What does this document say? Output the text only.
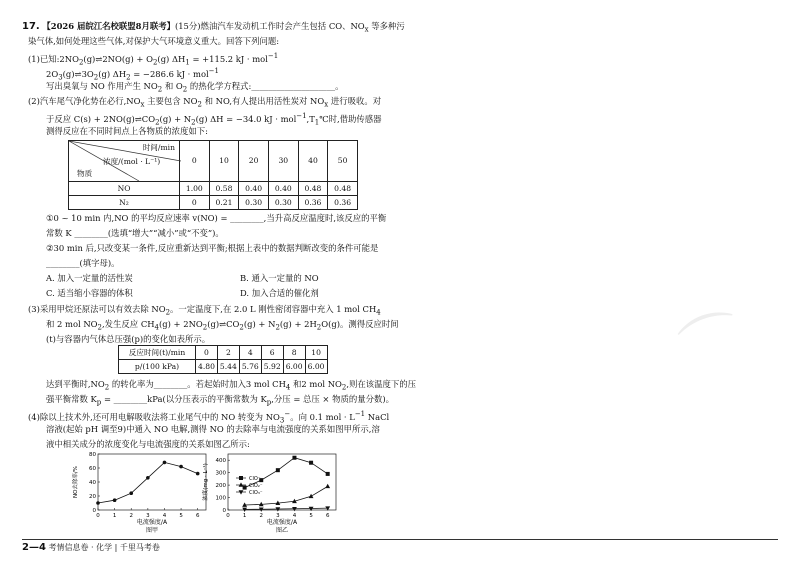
⌒
17. 【2026 届皖江名校联盟8月联考】(15分)燃油汽车发动机工作时会产生包括 CO、$NO_x$ 等多种污
染气体,如何处理这些气体,对保护大气环境意义重大。回答下列问题:
(1)已知$:2NO_2(g)\rightleftharpoons 2NO(g) + O_2(g) \Delta H_1 = +115.2$ kJ · mol$^{-1}$
$2O_3(g)\rightleftharpoons 3O_2(g) \Delta H_2 = -286.6$ kJ · mol$^{-1}$
写出臭氧与 NO 作用产生 $NO_2$ 和 $O_2$ 的热化学方程式:____________________。
(2)汽车尾气净化势在必行$,NO_x$ 主要包含 $NO_2$ 和 NO,有人提出用活性炭对 $NO_x$ 进行吸收。对
于反应 $C(s) + 2NO(g)\rightleftharpoons CO_2(g) + N_2(g) \Delta H = -34.0$ kJ · $mol^{-1},T_1℃$时,借助传感器
测得反应在不同时间点上各物质的浓度如下:
时间/min
浓度/(mol · L⁻¹)
物质	0	10	20	30	40	50

NO	1.00	0.58	0.40	0.40	0.48	0.48
N₂	0	0.21	0.30	0.30	0.36	0.36
①0 ~ 10 min 内,NO 的平均反应速率 v(NO) = ________,当升高反应温度时,该反应的平衡
常数 K ________(选填“增大”“减小”或“不变”)。
②30 min 后,只改变某一条件,反应重新达到平衡;根据上表中的数据判断改变的条件可能是
________(填字母)。
A. 加入一定量的活性炭	B. 通入一定量的 NO
C. 适当缩小容器的体积	D. 加入合适的催化剂
(3)采用甲烷还原法可以有效去除 $NO_2$。一定温度下,在 2.0 L 刚性密闭容器中充入 1 mol $CH_4$
和 2 mol $NO_2$,发生反应 $CH_4(g)$ + $2NO_2(g)\rightleftharpoons CO_2(g) + N_2(g) + 2H_2O(g)$。测得反应时间
(t)与容器内气体总压强(p)的变化如表所示。
反应时间(t)/min	0	2	4	6	8	10
p/(100 kPa)	4.80	5.44	5.76	5.92	6.00	6.00
达到平衡时$,NO_2$ 的转化率为________。若起始时加入3 mol $CH_4$ 和2 mol $NO_2$,则在该温度下的压
强平衡常数 $K_p$ = ________kPa(以分压表示的平衡常数为 $K_p$,分压 = 总压 × 物质的量分数)。
(4)除以上技术外,还可用电解吸收法将工业尾气中的 NO 转变为 $NO_3^-$。向 0.1 mol · $L^{-1}$ NaCl
溶液(起始 pH 调至9)中通入 NO 电解,测得 NO 的去除率与电流强度的关系如图甲所示,溶
液中相关成分的浓度变化与电流强度的关系如图乙所示:
0 1 2 3 4 5 6
0
20
40
60
80
电流强度/A
图甲
NO去除率/%
0 1 2 3 4 5 6
0
100
200
300
400
电流强度/A
图乙
浓度(mg · L⁻¹)	ClO⁻
ClO₂⁻
ClO₃⁻
2—4 考情信息卷 · 化学 | 千里马考卷
